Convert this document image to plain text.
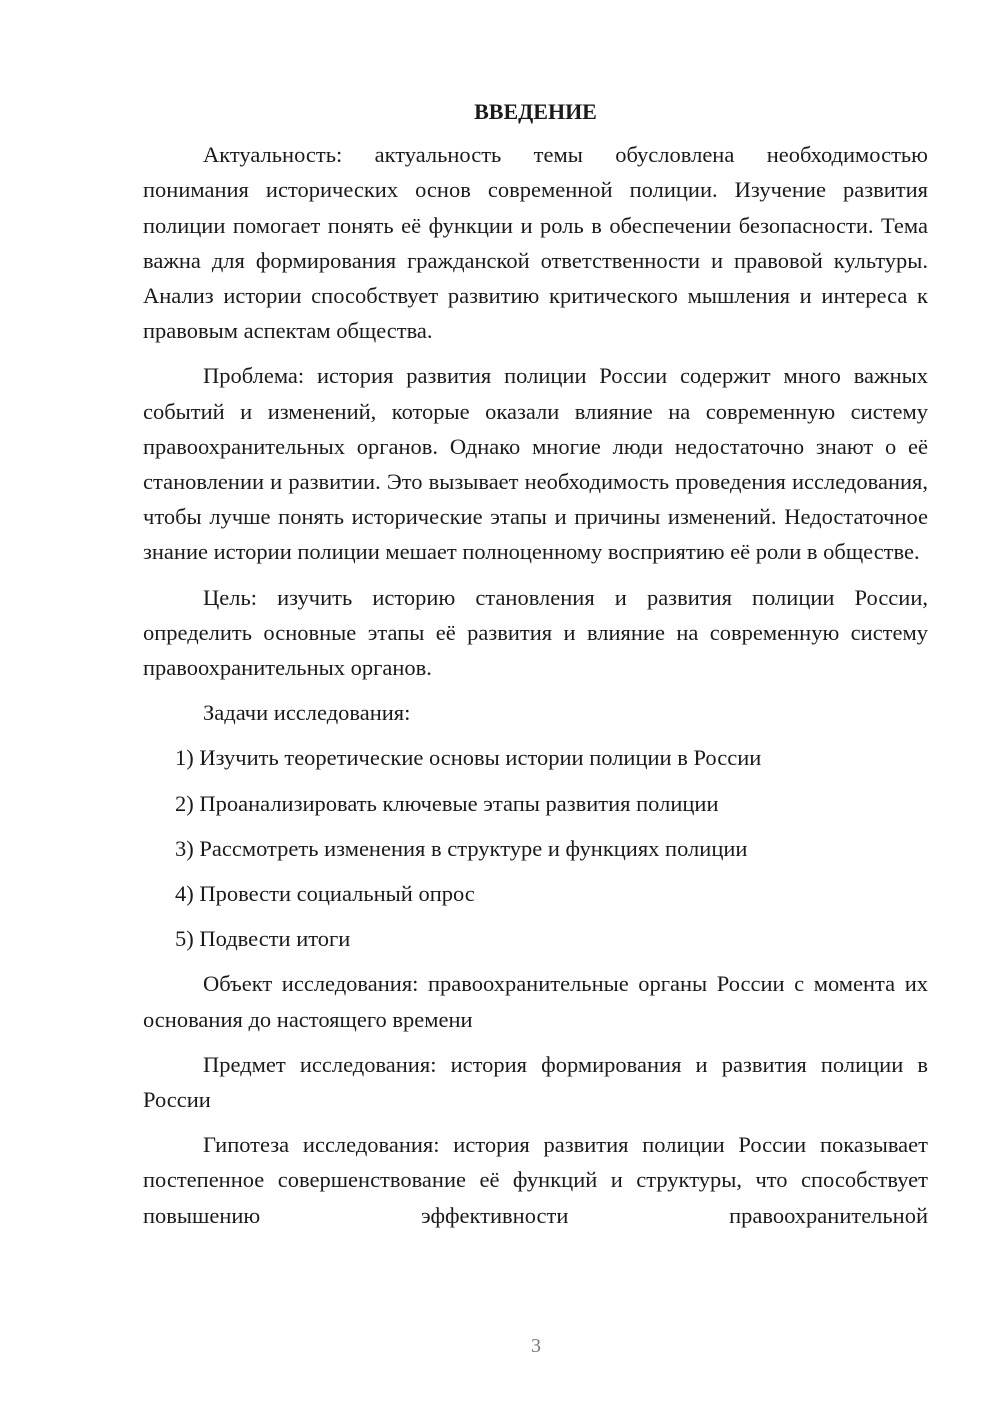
ВВЕДЕНИЕ

Актуальность: актуальность темы обусловлена необходимостью понимания исторических основ современной полиции. Изучение развития полиции помогает понять её функции и роль в обеспечении безопасности. Тема важна для формирования гражданской ответственности и правовой культуры. Анализ истории способствует развитию критического мышления и интереса к правовым аспектам общества.

Проблема: история развития полиции России содержит много важных событий и изменений, которые оказали влияние на современную систему правоохранительных органов. Однако многие люди недостаточно знают о её становлении и развитии. Это вызывает необходимость проведения исследования, чтобы лучше понять исторические этапы и причины изменений. Недостаточное знание истории полиции мешает полноценному восприятию её роли в обществе.

Цель: изучить историю становления и развития полиции России, определить основные этапы её развития и влияние на современную систему правоохранительных органов.

Задачи исследования:

1) Изучить теоретические основы истории полиции в России
2) Проанализировать ключевые этапы развития полиции
3) Рассмотреть изменения в структуре и функциях полиции
4) Провести социальный опрос
5) Подвести итоги

Объект исследования: правоохранительные органы России с момента их основания до настоящего времени

Предмет исследования: история формирования и развития полиции в России

Гипотеза исследования: история развития полиции России показывает постепенное совершенствование её функций и структуры, что способствует повышению эффективности правоохранительной

3
